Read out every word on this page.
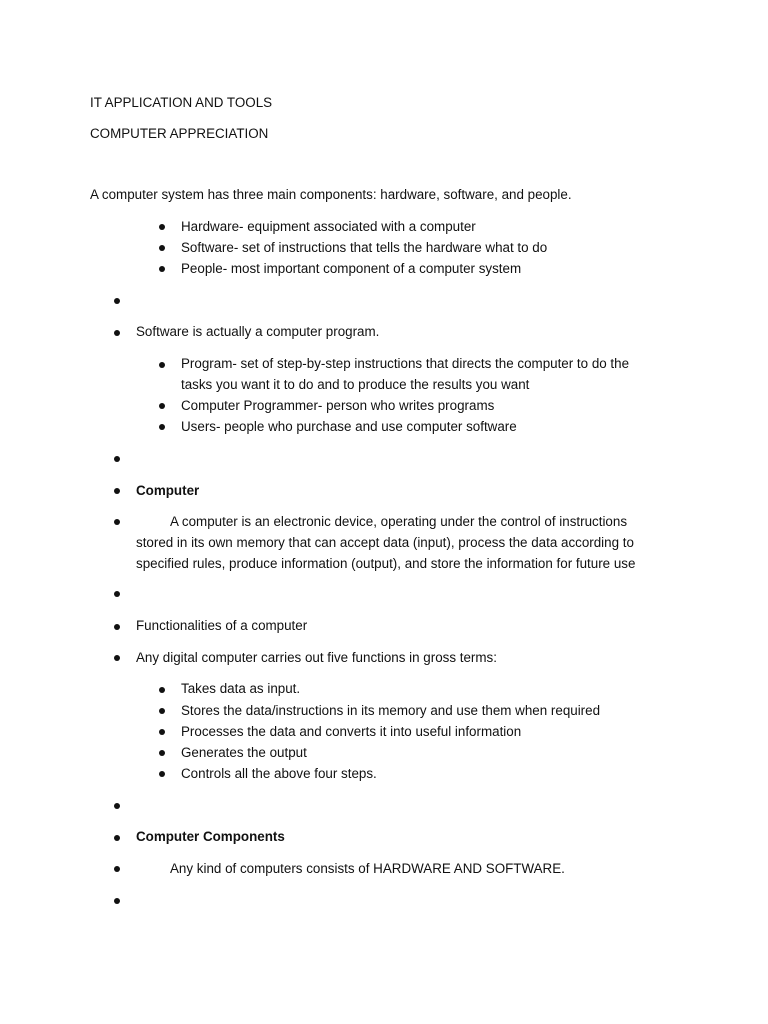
IT APPLICATION AND TOOLS
COMPUTER APPRECIATION
A computer system has three main components: hardware, software, and people.
Hardware- equipment associated with a computer
Software- set of instructions that tells the hardware what to do
People- most important component of a computer system
Software is actually a computer program.
Program- set of step-by-step instructions that directs the computer to do the
tasks you want it to do and to produce the results you want
Computer Programmer- person who writes programs
Users- people who purchase and use computer software
Computer
A computer is an electronic device, operating under the control of instructions
stored in its own memory that can accept data (input), process the data according to
specified rules, produce information (output), and store the information for future use
Functionalities of a computer
Any digital computer carries out five functions in gross terms:
Takes data as input.
Stores the data/instructions in its memory and use them when required
Processes the data and converts it into useful information
Generates the output
Controls all the above four steps.
Computer Components
Any kind of computers consists of HARDWARE AND SOFTWARE.
